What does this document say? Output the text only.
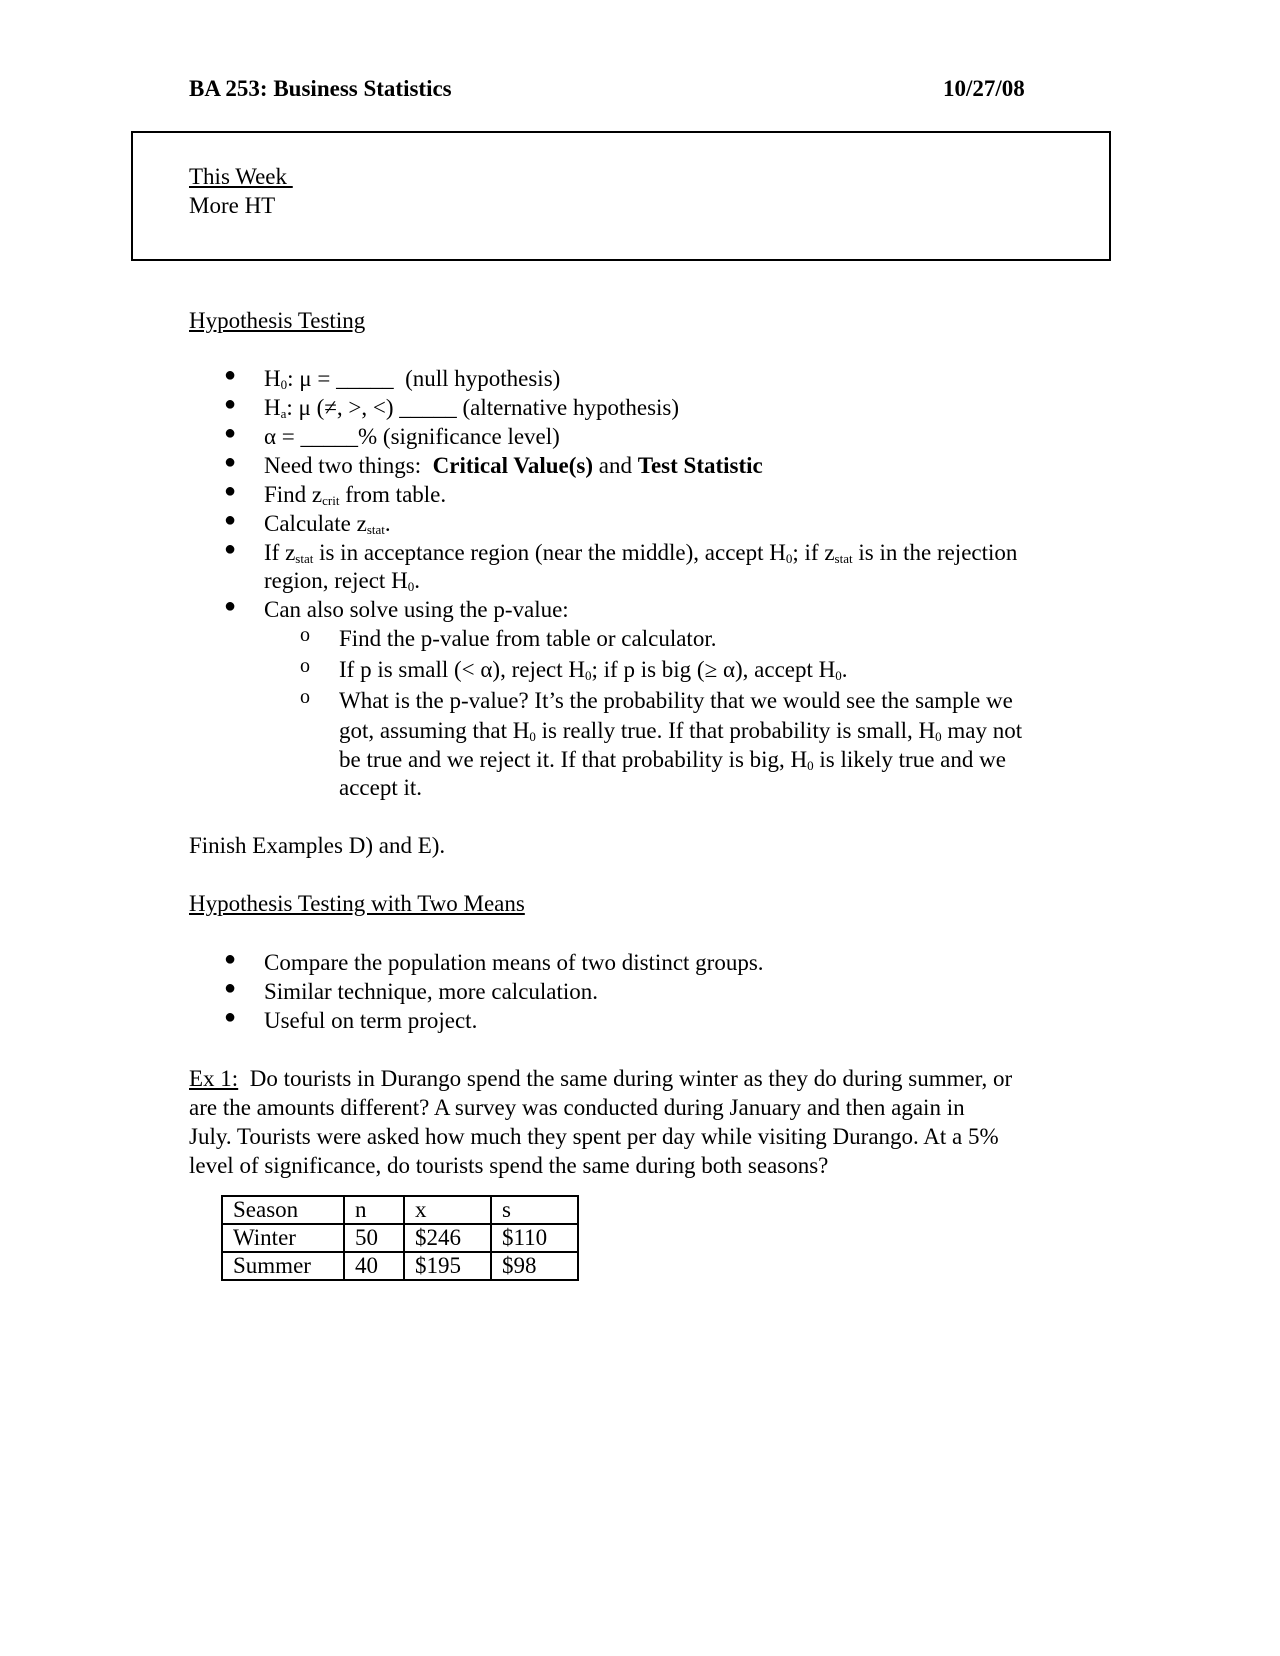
BA 253: Business Statistics	10/27/08
This Week
More HT
Hypothesis Testing
● $H_0$: μ = _____  (null hypothesis)
● $H_a$: μ (≠, >, <) _____ (alternative hypothesis)
● α = _____% (significance level)
● Need two things:  Critical Value(s) and Test Statistic
● Find $z_{crit}$ from table.
● Calculate $z_{stat}$.
● If $z_{stat}$ is in acceptance region (near the middle), accept $H_0$; if $z_{stat}$ is in the rejection
region, reject $H_0$.
● Can also solve using the p-value:
o Find the p-value from table or calculator.
o If p is small (< α), reject $H_0$; if p is big (≥ α), accept $H_0$.
o What is the p-value? It’s the probability that we would see the sample we
got, assuming that $H_0$ is really true. If that probability is small, $H_0$ may not
be true and we reject it. If that probability is big, $H_0$ is likely true and we
accept it.
Finish Examples D) and E).
Hypothesis Testing with Two Means
● Compare the population means of two distinct groups.
● Similar technique, more calculation.
● Useful on term project.
Ex 1:  Do tourists in Durango spend the same during winter as they do during summer, or
are the amounts different? A survey was conducted during January and then again in
July. Tourists were asked how much they spent per day while visiting Durango. At a 5%
level of significance, do tourists spend the same during both seasons?
Season	n	x	s
Winter	50	$246	$110
Summer	40	$195	$98
